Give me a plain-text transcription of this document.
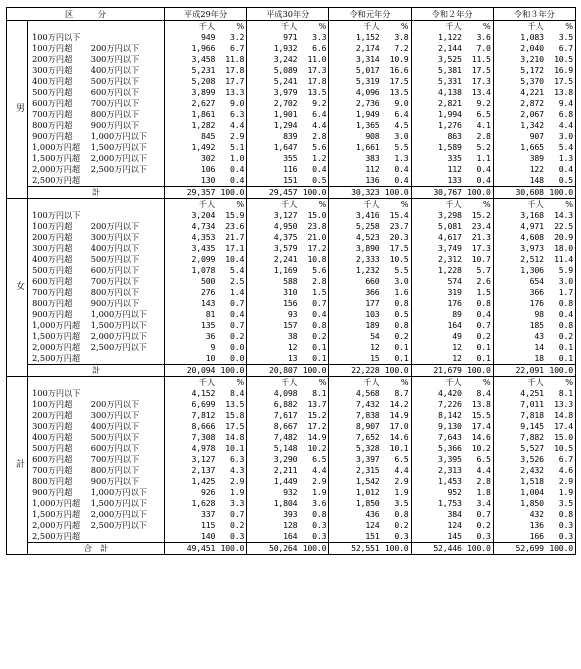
区　　　分			平成29年分		平成30年分		令和元年分		令和２年分		令和３年分	
男			千人	%	千人	%	千人	%	千人	%	千人	%
	100万円以下		949	3.2	971	3.3	1,152	3.8	1,122	3.6	1,083	3.5
	100万円超	200万円以下	1,966	6.7	1,932	6.6	2,174	7.2	2,144	7.0	2,040	6.7
	200万円超	300万円以下	3,458	11.8	3,242	11.0	3,314	10.9	3,525	11.5	3,210	10.5
	300万円超	400万円以下	5,231	17.8	5,089	17.3	5,017	16.6	5,381	17.5	5,172	16.9
	400万円超	500万円以下	5,208	17.7	5,241	17.8	5,319	17.5	5,331	17.3	5,370	17.5
	500万円超	600万円以下	3,899	13.3	3,979	13.5	4,096	13.5	4,138	13.4	4,221	13.8
	600万円超	700万円以下	2,627	9.0	2,702	9.2	2,736	9.0	2,821	9.2	2,872	9.4
	700万円超	800万円以下	1,861	6.3	1,901	6.4	1,949	6.4	1,994	6.5	2,067	6.8
	800万円超	900万円以下	1,282	4.4	1,294	4.4	1,365	4.5	1,276	4.1	1,342	4.4
	900万円超	1,000万円以下	845	2.9	839	2.8	908	3.0	863	2.8	907	3.0
	1,000万円超	1,500万円以下	1,492	5.1	1,647	5.6	1,661	5.5	1,589	5.2	1,665	5.4
	1,500万円超	2,000万円以下	302	1.0	355	1.2	383	1.3	335	1.1	389	1.3
	2,000万円超	2,500万円以下	106	0.4	116	0.4	112	0.4	112	0.4	122	0.4
	2,500万円超		130	0.4	151	0.5	136	0.4	133	0.4	148	0.5
	計		29,357	100.0	29,457	100.0	30,323	100.0	30,767	100.0	30,608	100.0
女			千人	%	千人	%	千人	%	千人	%	千人	%
	100万円以下		3,204	15.9	3,127	15.0	3,416	15.4	3,298	15.2	3,168	14.3
	100万円超	200万円以下	4,734	23.6	4,950	23.8	5,258	23.7	5,081	23.4	4,971	22.5
	200万円超	300万円以下	4,353	21.7	4,375	21.0	4,523	20.3	4,617	21.3	4,608	20.9
	300万円超	400万円以下	3,435	17.1	3,579	17.2	3,890	17.5	3,749	17.3	3,973	18.0
	400万円超	500万円以下	2,099	10.4	2,241	10.8	2,333	10.5	2,312	10.7	2,512	11.4
	500万円超	600万円以下	1,078	5.4	1,169	5.6	1,232	5.5	1,228	5.7	1,306	5.9
	600万円超	700万円以下	500	2.5	588	2.8	660	3.0	574	2.6	654	3.0
	700万円超	800万円以下	276	1.4	310	1.5	366	1.6	319	1.5	366	1.7
	800万円超	900万円以下	143	0.7	156	0.7	177	0.8	176	0.8	176	0.8
	900万円超	1,000万円以下	81	0.4	93	0.4	103	0.5	89	0.4	98	0.4
	1,000万円超	1,500万円以下	135	0.7	157	0.8	189	0.8	164	0.7	185	0.8
	1,500万円超	2,000万円以下	36	0.2	38	0.2	54	0.2	49	0.2	43	0.2
	2,000万円超	2,500万円以下	9	0.0	12	0.1	12	0.1	12	0.1	14	0.1
	2,500万円超		10	0.0	13	0.1	15	0.1	12	0.1	18	0.1
	計		20,094	100.0	20,807	100.0	22,228	100.0	21,679	100.0	22,091	100.0
計			千人	%	千人	%	千人	%	千人	%	千人	%
	100万円以下		4,152	8.4	4,098	8.1	4,568	8.7	4,420	8.4	4,251	8.1
	100万円超	200万円以下	6,699	13.5	6,882	13.7	7,432	14.2	7,226	13.8	7,011	13.3
	200万円超	300万円以下	7,812	15.8	7,617	15.2	7,838	14.9	8,142	15.5	7,818	14.8
	300万円超	400万円以下	8,666	17.5	8,667	17.2	8,907	17.0	9,130	17.4	9,145	17.4
	400万円超	500万円以下	7,308	14.8	7,482	14.9	7,652	14.6	7,643	14.6	7,882	15.0
	500万円超	600万円以下	4,978	10.1	5,148	10.2	5,328	10.1	5,366	10.2	5,527	10.5
	600万円超	700万円以下	3,127	6.3	3,290	6.5	3,397	6.5	3,395	6.5	3,526	6.7
	700万円超	800万円以下	2,137	4.3	2,211	4.4	2,315	4.4	2,313	4.4	2,432	4.6
	800万円超	900万円以下	1,425	2.9	1,449	2.9	1,542	2.9	1,453	2.8	1,518	2.9
	900万円超	1,000万円以下	926	1.9	932	1.9	1,012	1.9	952	1.8	1,004	1.9
	1,000万円超	1,500万円以下	1,628	3.3	1,804	3.6	1,850	3.5	1,753	3.4	1,850	3.5
	1,500万円超	2,000万円以下	337	0.7	393	0.8	436	0.8	384	0.7	432	0.8
	2,000万円超	2,500万円以下	115	0.2	128	0.3	124	0.2	124	0.2	136	0.3
	2,500万円超		140	0.3	164	0.3	151	0.3	145	0.3	166	0.3
	合　計		49,451	100.0	50,264	100.0	52,551	100.0	52,446	100.0	52,699	100.0
